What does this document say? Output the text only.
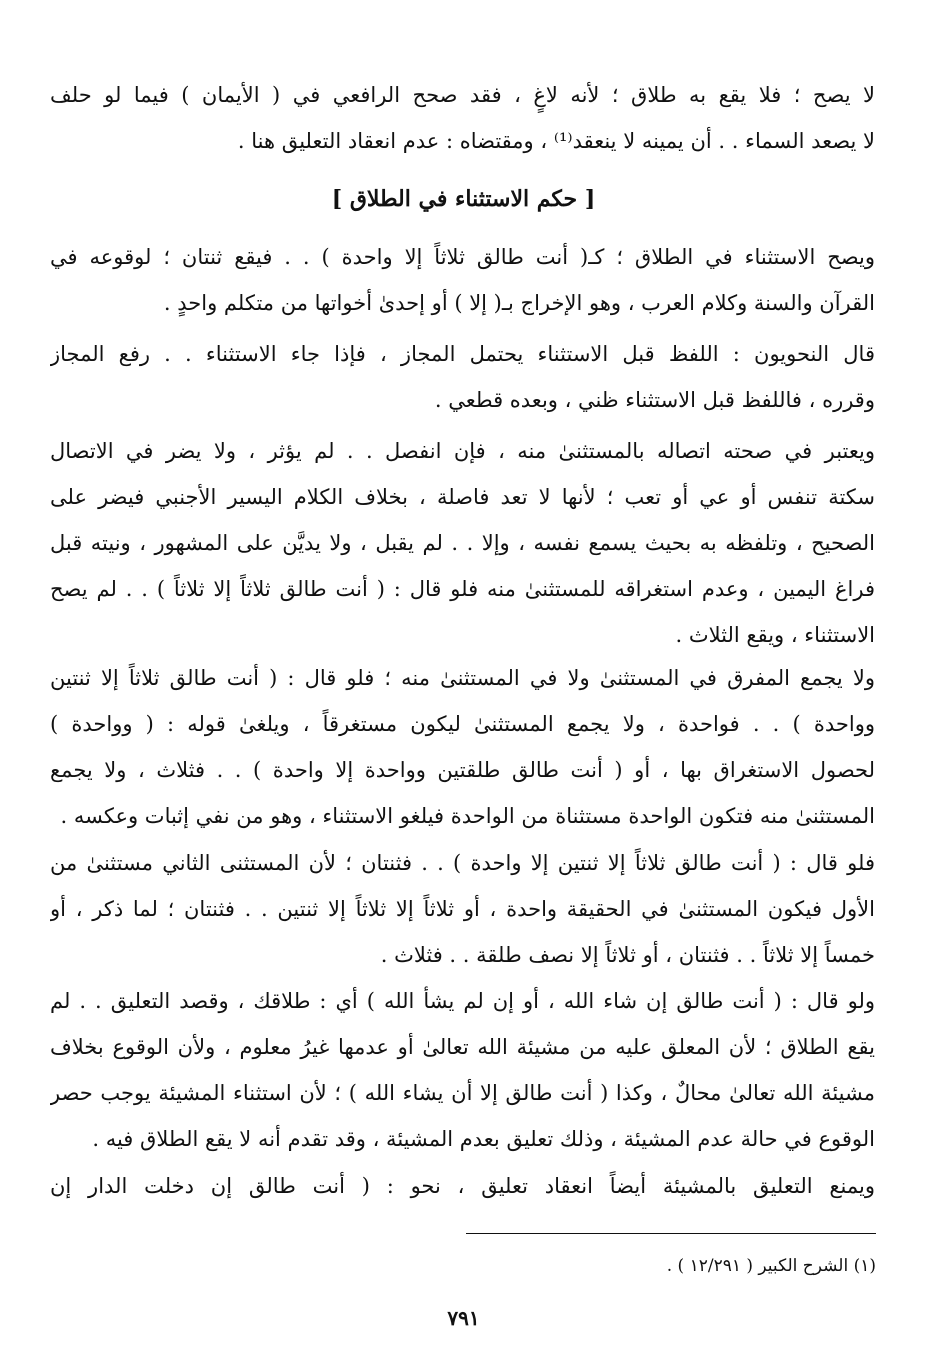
لا يصح ؛ فلا يقع به طلاق ؛ لأنه لاغٍ ، فقد صحح الرافعي في ( الأيمان ) فيما لو حلف
لا يصعد السماء . . أن يمينه لا ينعقد⁽¹⁾ ، ومقتضاه : عدم انعقاد التعليق هنا .
[ حكم الاستثناء في الطلاق ]
ويصح الاستثناء في الطلاق ؛ كـ( أنت طالق ثلاثاً إلا واحدة ) . . فيقع ثنتان ؛ لوقوعه في
القرآن والسنة وكلام العرب ، وهو الإخراج بـ( إلا ) أو إحدىٰ أخواتها من متكلم واحدٍ .
قال النحويون : اللفظ قبل الاستثناء يحتمل المجاز ، فإذا جاء الاستثناء . . رفع المجاز
وقرره ، فاللفظ قبل الاستثناء ظني ، وبعده قطعي .
ويعتبر في صحته اتصاله بالمستثنىٰ منه ، فإن انفصل . . لم يؤثر ، ولا يضر في الاتصال
سكتة تنفس أو عي أو تعب ؛ لأنها لا تعد فاصلة ، بخلاف الكلام اليسير الأجنبي فيضر على
الصحيح ، وتلفظه به بحيث يسمع نفسه ، وإلا . . لم يقبل ، ولا يديَّن على المشهور ، ونيته قبل
فراغ اليمين ، وعدم استغراقه للمستثنىٰ منه فلو قال : ( أنت طالق ثلاثاً إلا ثلاثاً ) . . لم يصح
الاستثناء ، ويقع الثلاث .
ولا يجمع المفرق في المستثنىٰ ولا في المستثنىٰ منه ؛ فلو قال : ( أنت طالق ثلاثاً إلا ثنتين
وواحدة ) . . فواحدة ، ولا يجمع المستثنىٰ ليكون مستغرقاً ، ويلغىٰ قوله : ( وواحدة )
لحصول الاستغراق بها ، أو ( أنت طالق طلقتين وواحدة إلا واحدة ) . . فثلاث ، ولا يجمع
المستثنىٰ منه فتكون الواحدة مستثناة من الواحدة فيلغو الاستثناء ، وهو من نفي إثبات وعكسه .
فلو قال : ( أنت طالق ثلاثاً إلا ثنتين إلا واحدة ) . . فثنتان ؛ لأن المستثنى الثاني مستثنىٰ من
الأول فيكون المستثنىٰ في الحقيقة واحدة ، أو ثلاثاً إلا ثلاثاً إلا ثنتين . . فثنتان ؛ لما ذكر ، أو
خمساً إلا ثلاثاً . . فثنتان ، أو ثلاثاً إلا نصف طلقة . . فثلاث .
ولو قال : ( أنت طالق إن شاء الله ، أو إن لم يشأ الله ) أي : طلاقك ، وقصد التعليق . . لم
يقع الطلاق ؛ لأن المعلق عليه من مشيئة الله تعالىٰ أو عدمها غيرُ معلوم ، ولأن الوقوع بخلاف
مشيئة الله تعالىٰ محالٌ ، وكذا ( أنت طالق إلا أن يشاء الله ) ؛ لأن استثناء المشيئة يوجب حصر
الوقوع في حالة عدم المشيئة ، وذلك تعليق بعدم المشيئة ، وقد تقدم أنه لا يقع الطلاق فيه .
ويمنع التعليق بالمشيئة أيضاً انعقاد تعليق ، نحو : ( أنت طالق إن دخلت الدار إن
(١) الشرح الكبير ( ١٢/٢٩١ ) .
٧٩١
